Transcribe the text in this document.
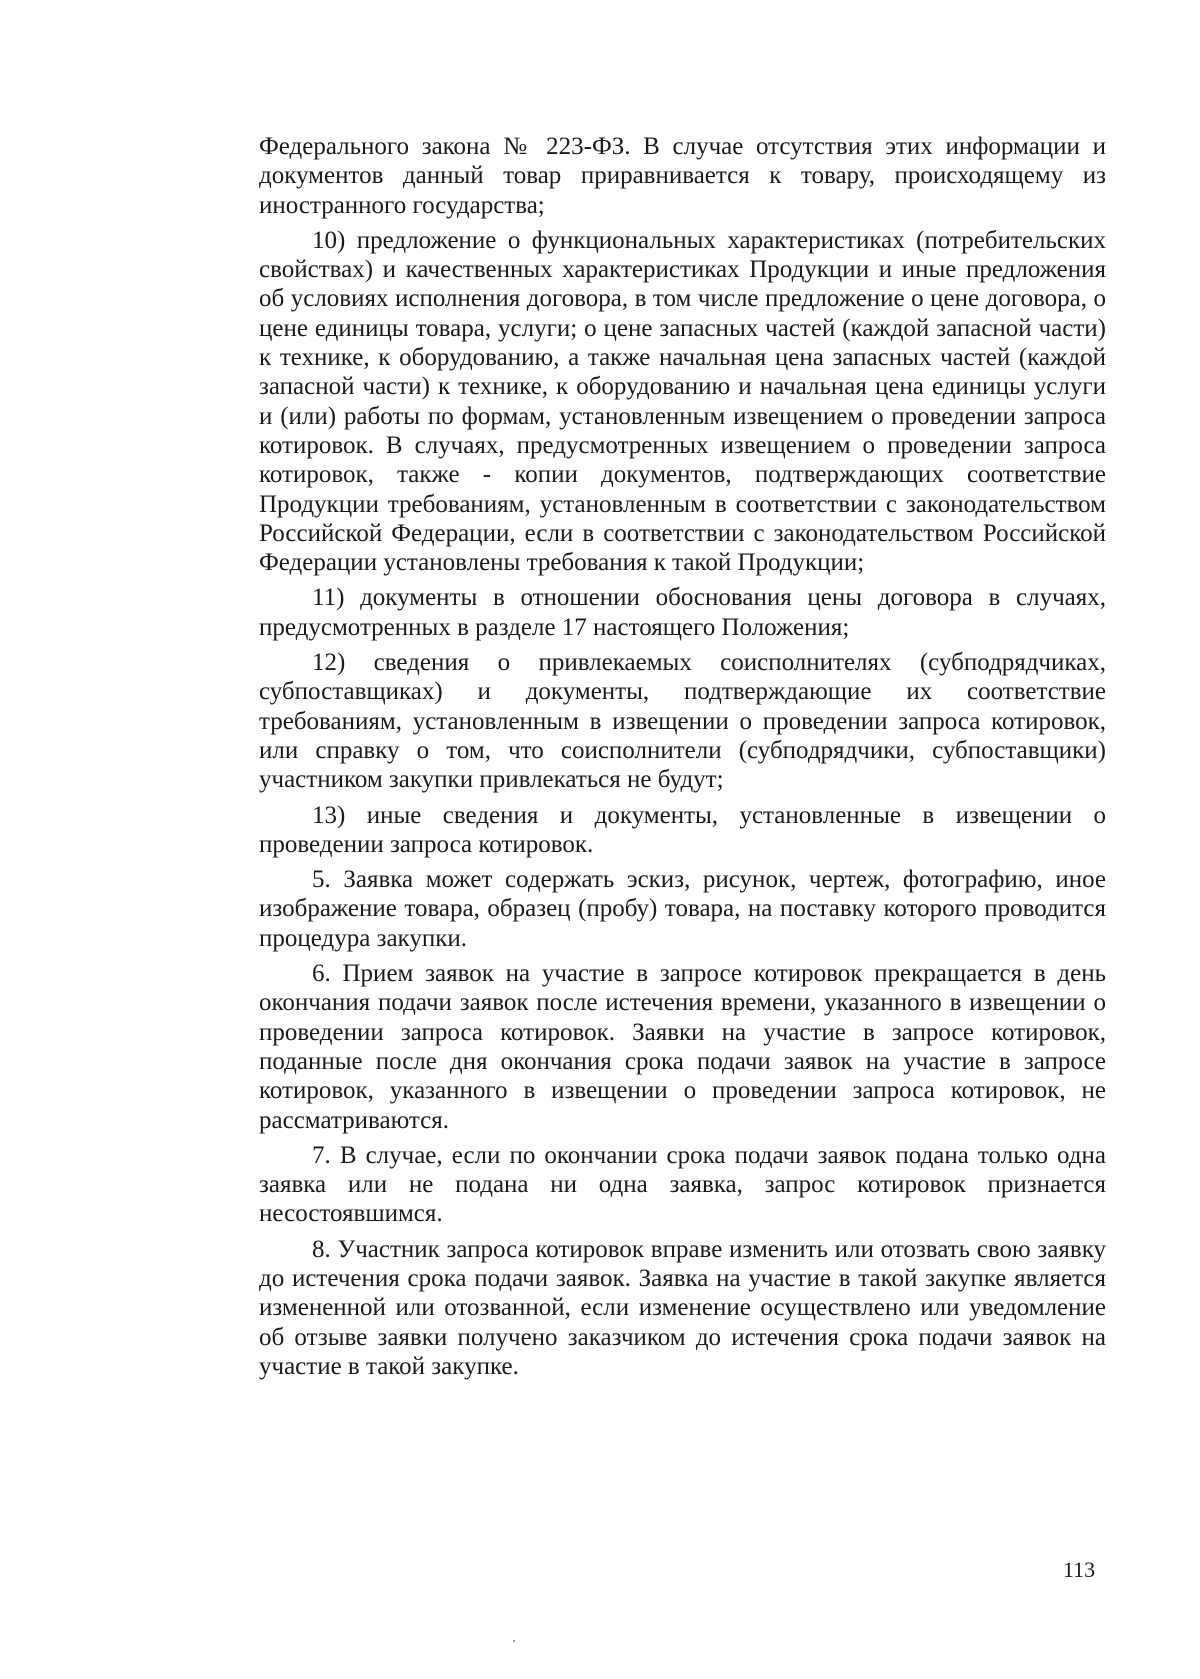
Федерального закона № 223-ФЗ. В случае отсутствия этих информации и документов данный товар приравнивается к товару, происходящему из иностранного государства;

10) предложение о функциональных характеристиках (потребительских свойствах) и качественных характеристиках Продукции и иные предложения об условиях исполнения договора, в том числе предложение о цене договора, о цене единицы товара, услуги; о цене запасных частей (каждой запасной части) к технике, к оборудованию, а также начальная цена запасных частей (каждой запасной части) к технике, к оборудованию и начальная цена единицы услуги и (или) работы по формам, установленным извещением о проведении запроса котировок. В случаях, предусмотренных извещением о проведении запроса котировок, также - копии документов, подтверждающих соответствие Продукции требованиям, установленным в соответствии с законодательством Российской Федерации, если в соответствии с законодательством Российской Федерации установлены требования к такой Продукции;

11) документы в отношении обоснования цены договора в случаях, предусмотренных в разделе 17 настоящего Положения;

12) сведения о привлекаемых соисполнителях (субподрядчиках, субпоставщиках) и документы, подтверждающие их соответствие требованиям, установленным в извещении о проведении запроса котировок, или справку о том, что соисполнители (субподрядчики, субпоставщики) участником закупки привлекаться не будут;

13) иные сведения и документы, установленные в извещении о проведении запроса котировок.

5. Заявка может содержать эскиз, рисунок, чертеж, фотографию, иное изображение товара, образец (пробу) товара, на поставку которого проводится процедура закупки.

6. Прием заявок на участие в запросе котировок прекращается в день окончания подачи заявок после истечения времени, указанного в извещении о проведении запроса котировок. Заявки на участие в запросе котировок, поданные после дня окончания срока подачи заявок на участие в запросе котировок, указанного в извещении о проведении запроса котировок, не рассматриваются.

7. В случае, если по окончании срока подачи заявок подана только одна заявка или не подана ни одна заявка, запрос котировок признается несостоявшимся.

8. Участник запроса котировок вправе изменить или отозвать свою заявку до истечения срока подачи заявок. Заявка на участие в такой закупке является измененной или отозванной, если изменение осуществлено или уведомление об отзыве заявки получено заказчиком до истечения срока подачи заявок на участие в такой закупке.

113
